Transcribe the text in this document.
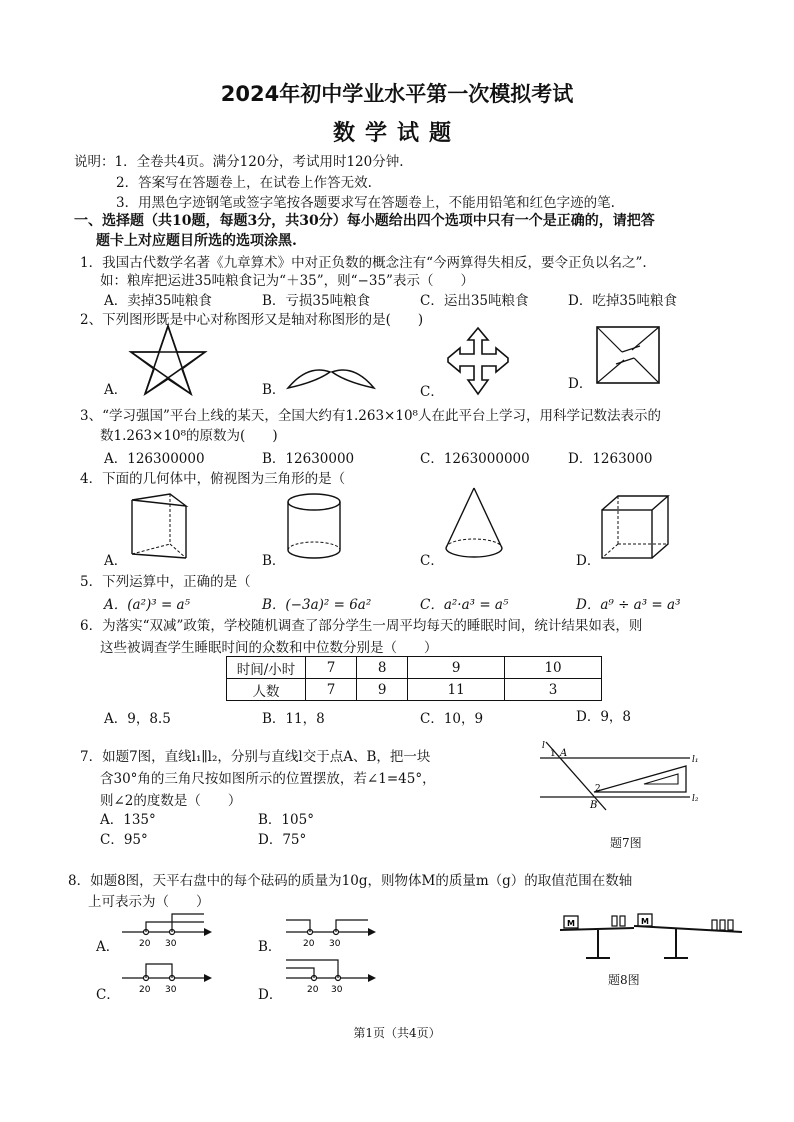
2024年初中学业水平第一次模拟考试
数学试题
说明：1．全卷共4页。满分120分，考试用时120分钟.
2．答案写在答题卷上，在试卷上作答无效.
3．用黑色字迹钢笔或签字笔按各题要求写在答题卷上，不能用铅笔和红色字迹的笔.
一、选择题（共10题，每题3分，共30分）每小题给出四个选项中只有一个是正确的，请把答
题卡上对应题目所选的选项涂黑.
1．我国古代数学名著《九章算术》中对正负数的概念注有“今两算得失相反，要令正负以名之”.
如：粮库把运进35吨粮食记为“＋35”，则“−35”表示（　　）
A．卖掉35吨粮食	B．亏损35吨粮食	C．运出35吨粮食	D．吃掉35吨粮食
2、下列图形既是中心对称图形又是轴对称图形的是(　　)
A．	B．	C．	D．
3、“学习强国”平台上线的某天，全国大约有1.263×10⁸人在此平台上学习，用科学记数法表示的
数1.263×10⁸的原数为(　　)
A．126300000	B．12630000	C．1263000000	D．1263000
4．下面的几何体中，俯视图为三角形的是（
A．	B．	C．	D．
5．下列运算中，正确的是（
A．(a²)³ = a⁵	B．(−3a)² = 6a²	C．a²·a³ = a⁵	D．a⁹ ÷ a³ = a³
6．为落实“双减”政策，学校随机调查了部分学生一周平均每天的睡眠时间，统计结果如表，则
这些被调查学生睡眠时间的众数和中位数分别是（　　）
时间/小时	7	8	9	10
人数	7	9	11	3
A．9，8.5	B．11，8	C．10，9	D．9，8
7．如题7图，直线l₁∥l₂，分别与直线l交于点A、B，把一块
含30°角的三角尺按如图所示的位置摆放，若∠1=45°，
则∠2的度数是（　　）
A．135°	B．105°
C．95°	D．75°
A
1
2
B
l₁
l₂
l
题7图
8．如题8图，天平右盘中的每个砝码的质量为10g，则物体M的质量m（g）的取值范围在数轴
上可表示为（　　）
A． 20 30	B． 20 30
C． 20 30	D．	20 30
M	M
题8图
第1页（共4页）
